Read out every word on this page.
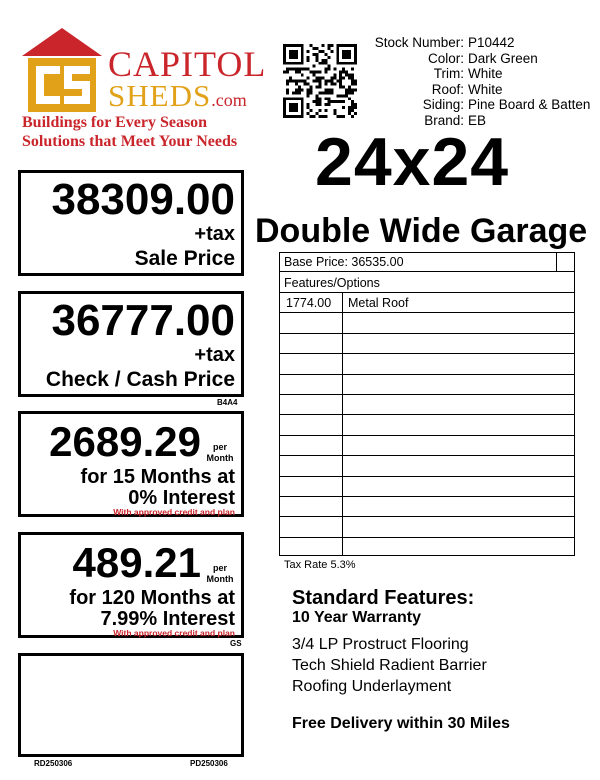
CAPITOL
SHEDS.com
Buildings for Every Season
Solutions that Meet Your Needs
Stock Number: P10442
Color: Dark Green
Trim: White
Roof: White
Siding: Pine Board & Batten
Brand: EB
24x24
Double Wide Garage
38309.00
+tax
Sale Price
36777.00
+tax
Check / Cash Price
B4A4
2689.29	per
Month
for 15 Months at
0% Interest
With approved credit and plan
489.21	per
Month
for 120 Months at
7.99% Interest
With approved credit and plan
GS
RD250306	PD250306
Base Price: 36535.00
Features/Options
1774.00 Metal Roof
Tax Rate 5.3%
Standard Features:
10 Year Warranty
3/4 LP Prostruct Flooring
Tech Shield Radient Barrier
Roofing Underlayment
Free Delivery within 30 Miles
